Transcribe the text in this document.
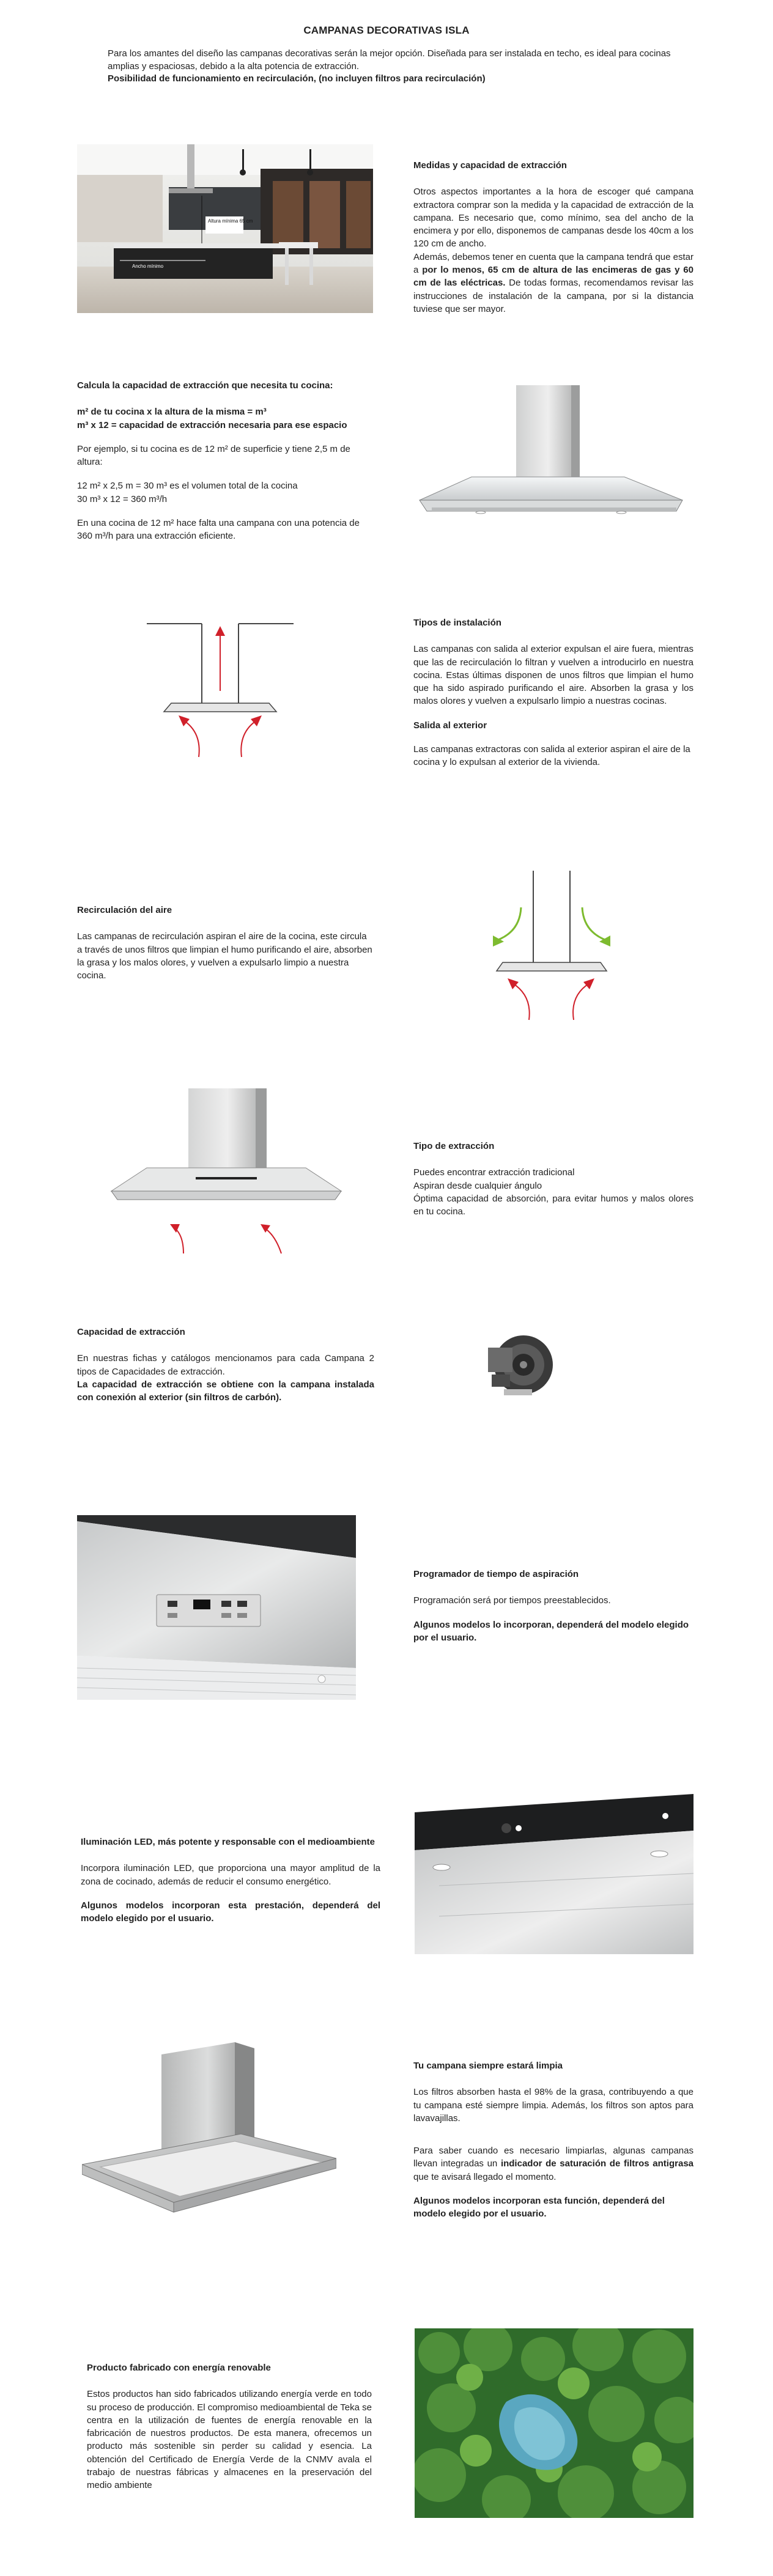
CAMPANAS DECORATIVAS ISLA

Para los amantes del diseño las campanas decorativas serán la mejor opción. Diseñada para ser instalada en techo, es ideal para cocinas amplias y espaciosas, debido a la alta potencia de extracción.

Posibilidad de funcionamiento en recirculación, (no incluyen filtros para recirculación)

Altura mínima 65 cm
Ancho mínimo
Medidas y capacidad de extracción

Otros aspectos importantes a la hora de escoger qué campana extractora comprar son la medida y la capacidad de extracción de la campana. Es necesario que, como mínimo, sea del ancho de la encimera y por ello, disponemos de campanas desde los 40cm a los 120 cm de ancho.

Además, debemos tener en cuenta que la campana tendrá que estar a por lo menos, 65 cm de altura de las encimeras de gas y 60 cm de las eléctricas. De todas formas, recomendamos revisar las instrucciones de instalación de la campana, por si la distancia tuviese que ser mayor.

Calcula la capacidad de extracción que necesita tu cocina:

m² de tu cocina x la altura de la misma = m³

m³ x 12 = capacidad de extracción necesaria para ese espacio

Por ejemplo, si tu cocina es de 12 m² de superficie y tiene 2,5 m de altura:

12 m² x 2,5 m = 30 m³ es el volumen total de la cocina

30 m³ x 12 = 360 m³/h

En una cocina de 12 m² hace falta una campana con una potencia de 360 m³/h para una extracción eficiente.

Tipos de instalación

Las campanas con salida al exterior expulsan el aire fuera, mientras que las de recirculación lo filtran y vuelven a introducirlo en nuestra cocina. Estas últimas disponen de unos filtros que limpian el humo que ha sido aspirado purificando el aire. Absorben la grasa y los malos olores y vuelven a expulsarlo limpio a nuestras cocinas.

Salida al exterior

Las campanas extractoras con salida al exterior aspiran el aire de la cocina y lo expulsan al exterior de la vivienda.

Recirculación del aire

Las campanas de recirculación aspiran el aire de la cocina, este circula a través de unos filtros que limpian el humo purificando el aire, absorben la grasa y los malos olores, y vuelven a expulsarlo limpio a nuestra cocina.

Tipo de extracción

Puedes encontrar extracción tradicional

Aspiran desde cualquier ángulo

Óptima capacidad de absorción, para evitar humos y malos olores en tu cocina.

Capacidad de extracción

En nuestras fichas y catálogos mencionamos para cada Campana 2 tipos de Capacidades de extracción.

La capacidad de extracción se obtiene con la campana instalada con conexión al exterior (sin filtros de carbón).

Programador de tiempo de aspiración

Programación será por tiempos preestablecidos.

Algunos modelos lo incorporan, dependerá del modelo elegido por el usuario.

Iluminación LED, más potente y responsable con el medioambiente

Incorpora iluminación LED, que proporciona una mayor amplitud de la zona de cocinado, además de reducir el consumo energético.

Algunos modelos incorporan esta prestación, dependerá del modelo elegido por el usuario.

Tu campana siempre estará limpia

Los filtros absorben hasta el 98% de la grasa, contribuyendo a que tu campana esté siempre limpia. Además, los filtros son aptos para lavavajillas.

Para saber cuando es necesario limpiarlas, algunas campanas llevan integradas un indicador de saturación de filtros antigrasa que te avisará llegado el momento.

Algunos modelos incorporan esta función, dependerá del modelo elegido por el usuario.

Producto fabricado con energía renovable

Estos productos han sido fabricados utilizando energía verde en todo su proceso de producción. El compromiso medioambiental de Teka se centra en la utilización de fuentes de energía renovable en la fabricación de nuestros productos. De esta manera, ofrecemos un producto más sostenible sin perder su calidad y esencia. La obtención del Certificado de Energía Verde de la CNMV avala el trabajo de nuestras fábricas y almacenes en la preservación del medio ambiente
